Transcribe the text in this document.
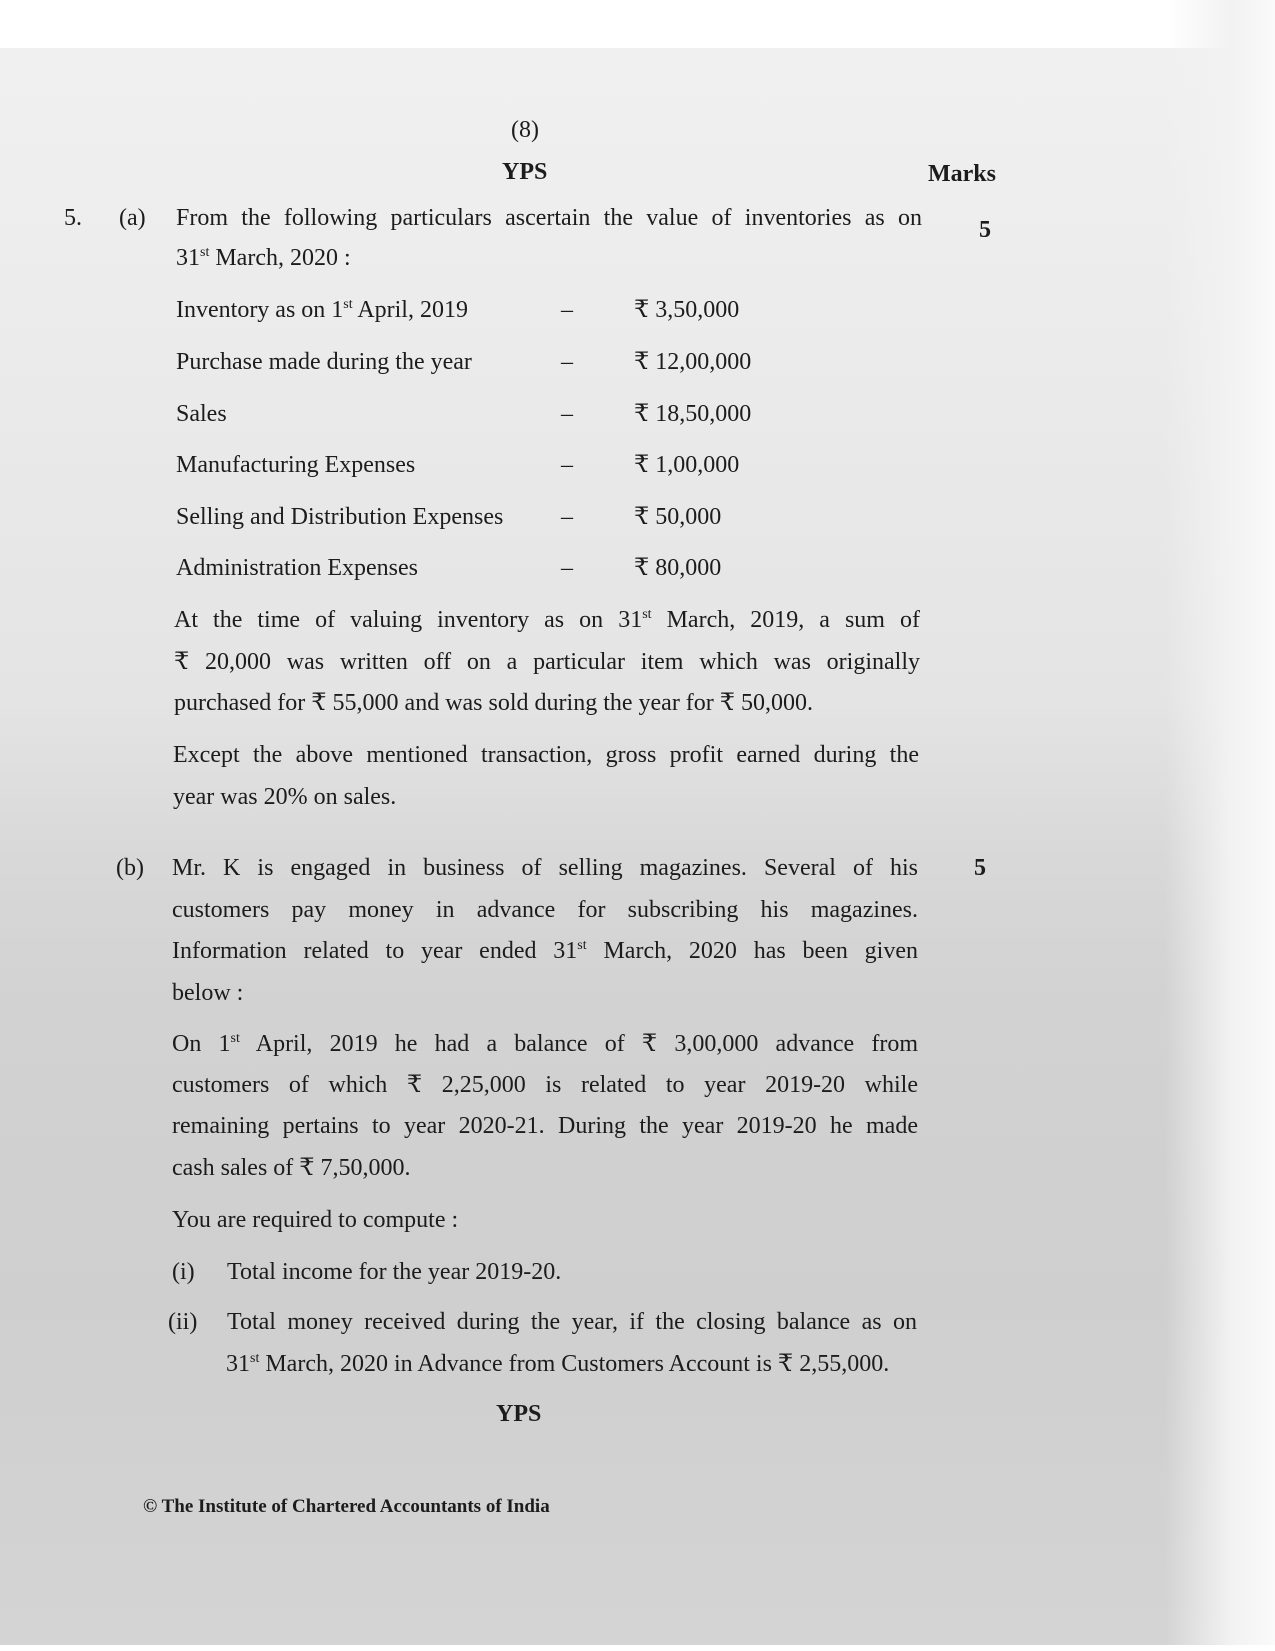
(8)
YPS	Marks
5. (a)	5
From the following particulars ascertain the value of inventories as on
31st March, 2020 :
Inventory as on 1st April, 2019	–	₹ 3,50,000
Purchase made during the year	–	₹ 12,00,000
Sales	–	₹ 18,50,000
Manufacturing Expenses	–	₹ 1,00,000
Selling and Distribution Expenses –	₹ 50,000
Administration Expenses	–	₹ 80,000
At the time of valuing inventory as on 31st March, 2019, a sum of
₹ 20,000 was written off on a particular item which was originally
purchased for ₹ 55,000 and was sold during the year for ₹ 50,000.
Except the above mentioned transaction, gross profit earned during the
year was 20% on sales.
(b)	5
Mr. K is engaged in business of selling magazines. Several of his
customers pay money in advance for subscribing his magazines.
Information related to year ended 31st March, 2020 has been given
below :
On 1st April, 2019 he had a balance of ₹ 3,00,000 advance from
customers of which ₹ 2,25,000 is related to year 2019-20 while
remaining pertains to year 2020-21. During the year 2019-20 he made
cash sales of ₹ 7,50,000.
You are required to compute :
(i) Total income for the year 2019-20.
(ii) Total money received during the year, if the closing balance as on
31st March, 2020 in Advance from Customers Account is ₹ 2,55,000.
YPS
© The Institute of Chartered Accountants of India
